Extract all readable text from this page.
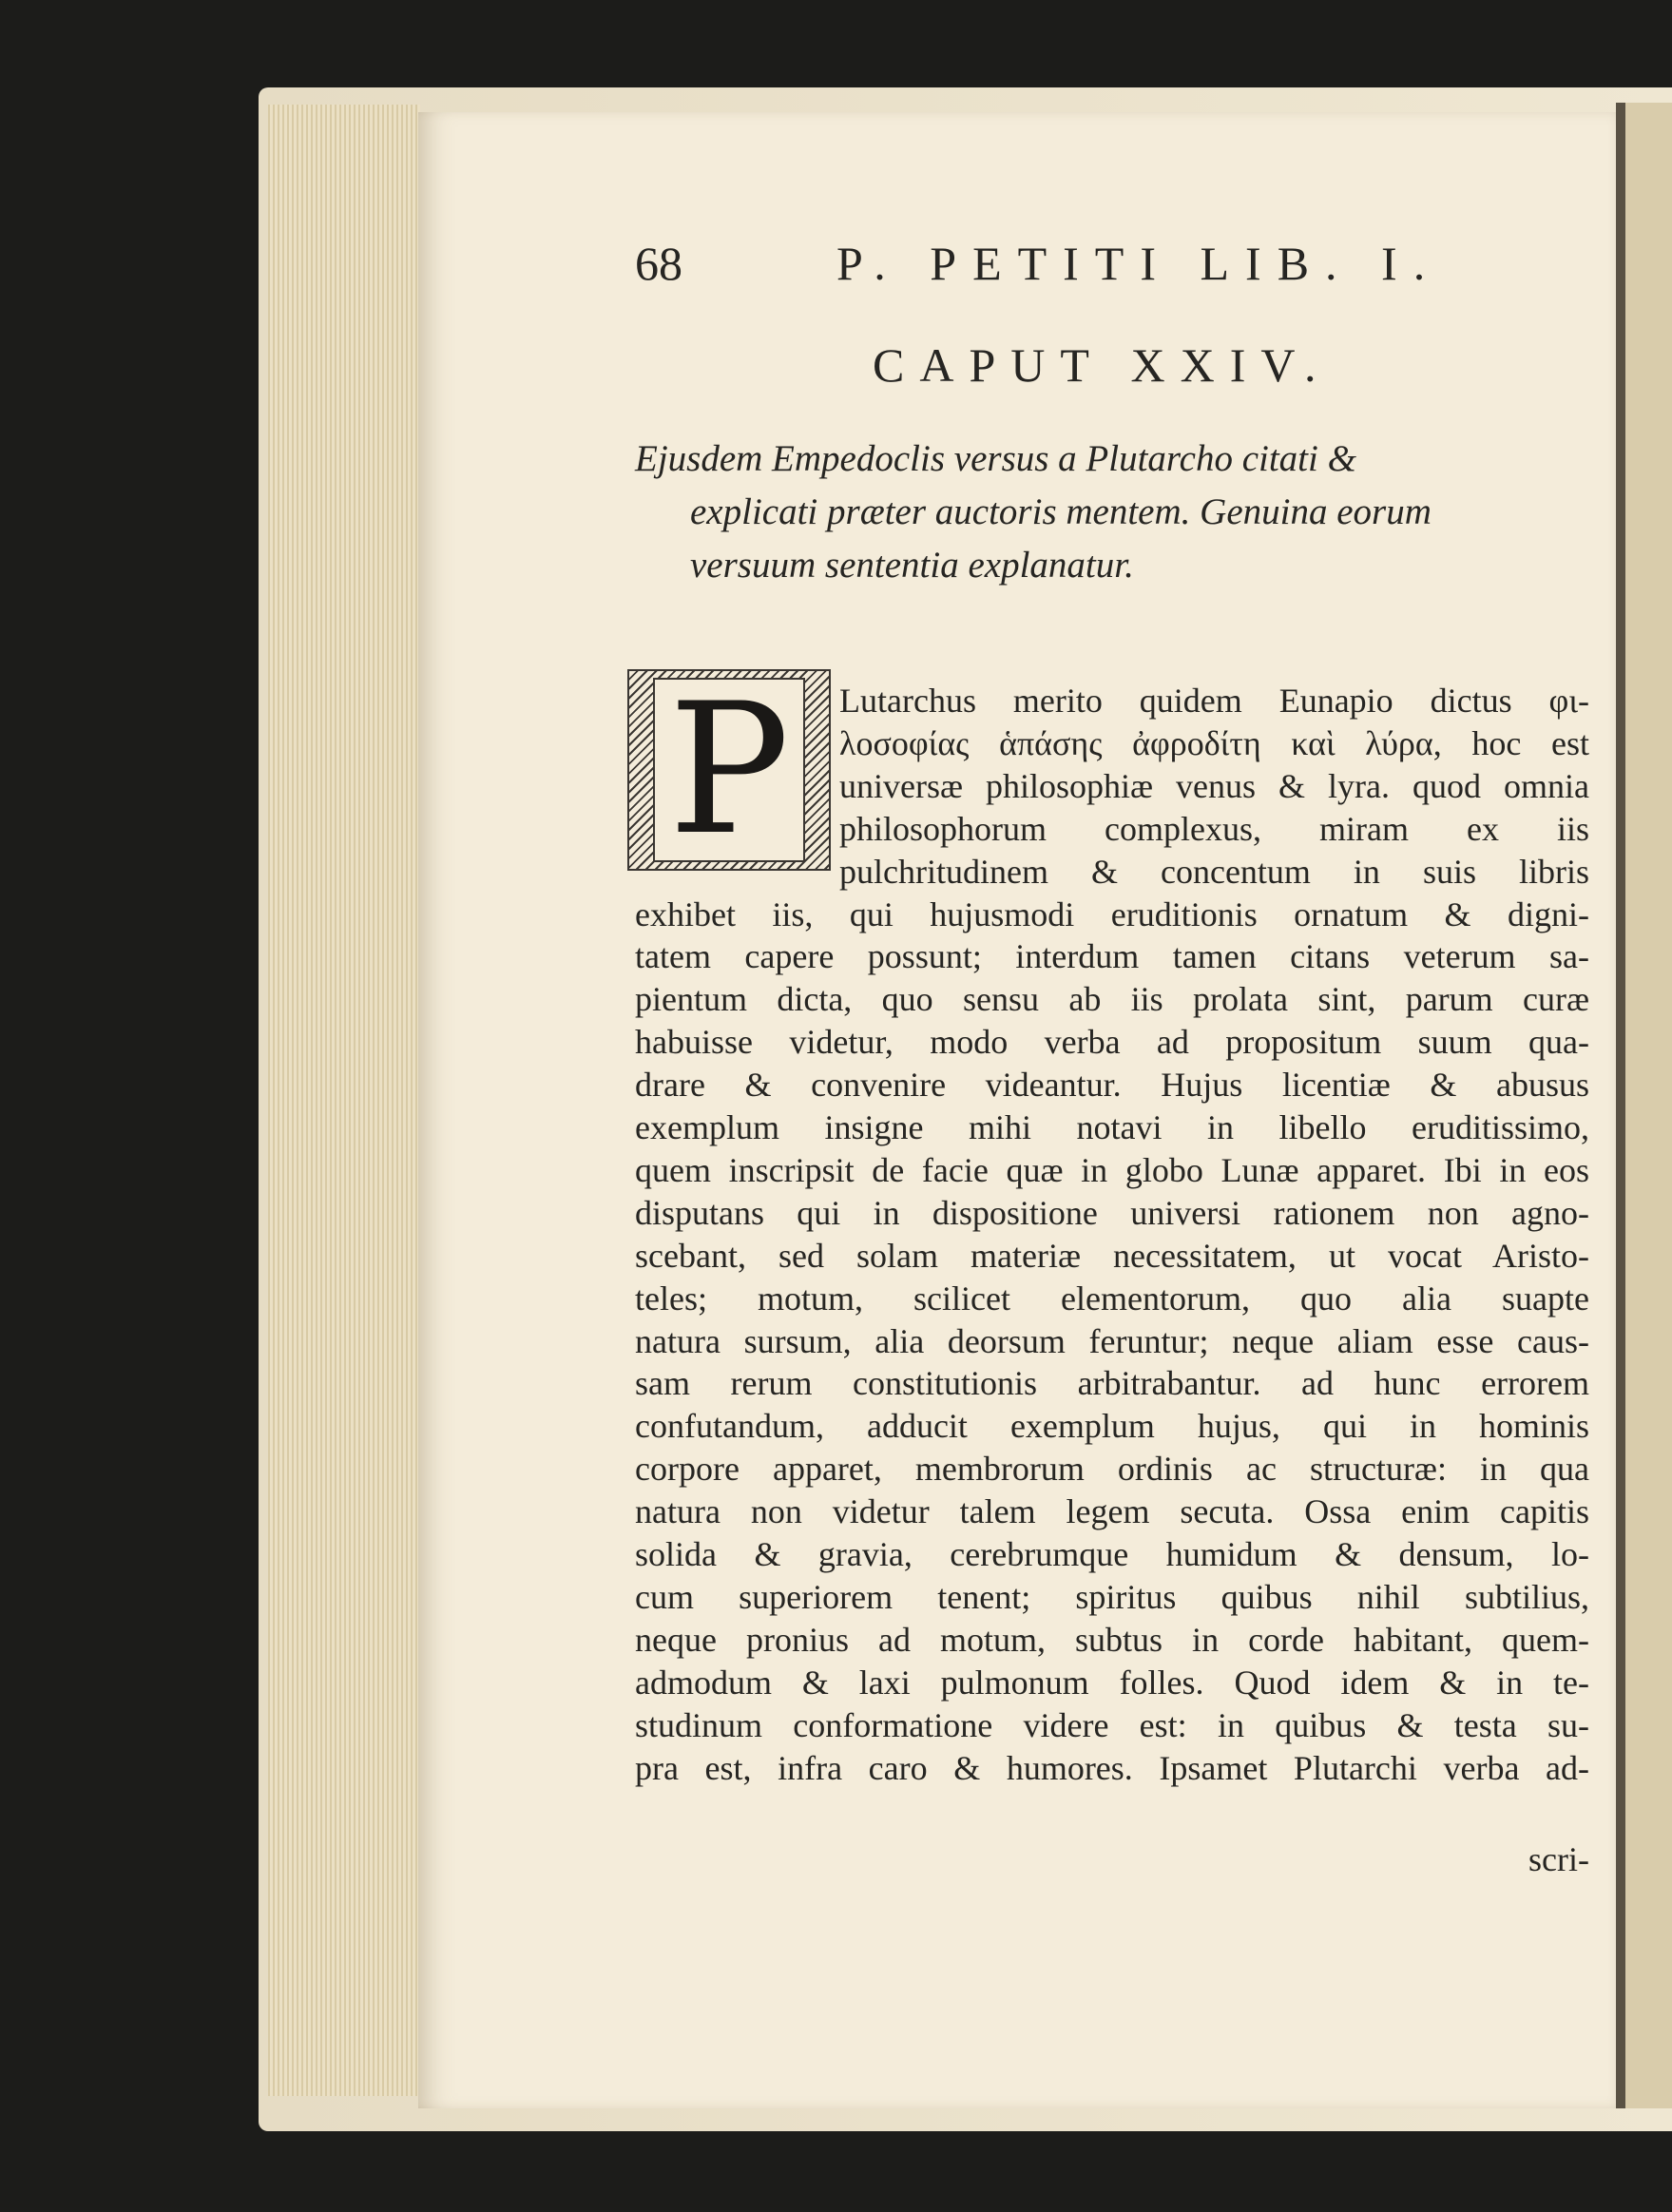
68	P. PETITI LIB. I.
CAPUT XXIV.

Ejusdem Empedoclis versus a Plutarcho citati &

explicati præter auctoris mentem. Genuina eorum

versuum sententia explanatur.

P	Lutarchus merito quidem Eunapio dictus φι-
λοσοφίας ἁπάσης ἀφροδίτη καὶ λύρα, hoc est
universæ philosophiæ venus & lyra. quod omnia
philosophorum complexus, miram ex iis
pulchritudinem & concentum in suis libris
exhibet iis, qui hujusmodi eruditionis ornatum & digni-
tatem capere possunt; interdum tamen citans veterum sa-
pientum dicta, quo sensu ab iis prolata sint, parum curæ
habuisse videtur, modo verba ad propositum suum qua-
drare & convenire videantur. Hujus licentiæ & abusus
exemplum insigne mihi notavi in libello eruditissimo,
quem inscripsit de facie quæ in globo Lunæ apparet. Ibi in eos
disputans qui in dispositione universi rationem non agno-
scebant, sed solam materiæ necessitatem, ut vocat Aristo-
teles; motum, scilicet elementorum, quo alia suapte
natura sursum, alia deorsum feruntur; neque aliam esse caus-
sam rerum constitutionis arbitrabantur. ad hunc errorem
confutandum, adducit exemplum hujus, qui in hominis
corpore apparet, membrorum ordinis ac structuræ: in qua
natura non videtur talem legem secuta. Ossa enim capitis
solida & gravia, cerebrumque humidum & densum, lo-
cum superiorem tenent; spiritus quibus nihil subtilius,
neque pronius ad motum, subtus in corde habitant, quem-
admodum & laxi pulmonum folles. Quod idem & in te-
studinum conformatione videre est: in quibus & testa su-
pra est, infra caro & humores. Ipsamet Plutarchi verba ad-
scri-
